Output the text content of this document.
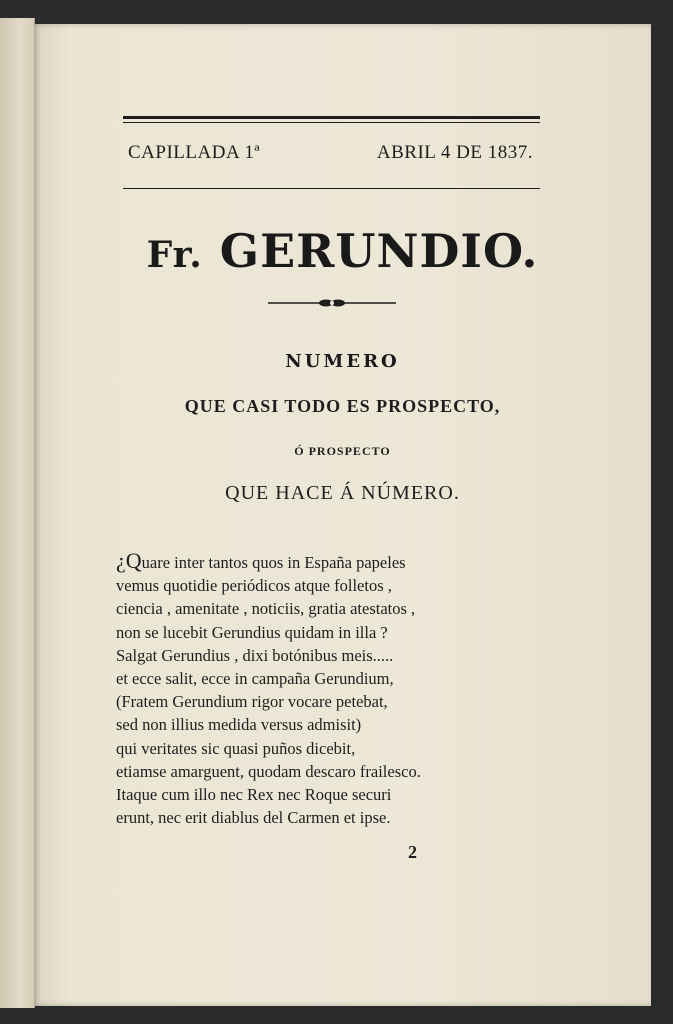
CAPILLADA 1ª	ABRIL 4 DE 1837.
Fr. GERUNDIO.
NUMERO
QUE CASI TODO ES PROSPECTO,
Ó PROSPECTO
QUE HACE Á NÚMERO.
¿Quare inter tantos quos in España papeles
vemus quotidie periódicos atque folletos ,
ciencia , amenitate , noticiis, gratia atestatos ,
non se lucebit Gerundius quidam in illa ?
Salgat Gerundius , dixi botónibus meis.....
et ecce salit, ecce in campaña Gerundium,
(Fratem Gerundium rigor vocare petebat,
sed non illius medida versus admisit)
qui veritates sic quasi puños dicebit,
etiamse amarguent, quodam descaro frailesco.
Itaque cum illo nec Rex nec Roque securi
erunt, nec erit diablus del Carmen et ipse.
2
